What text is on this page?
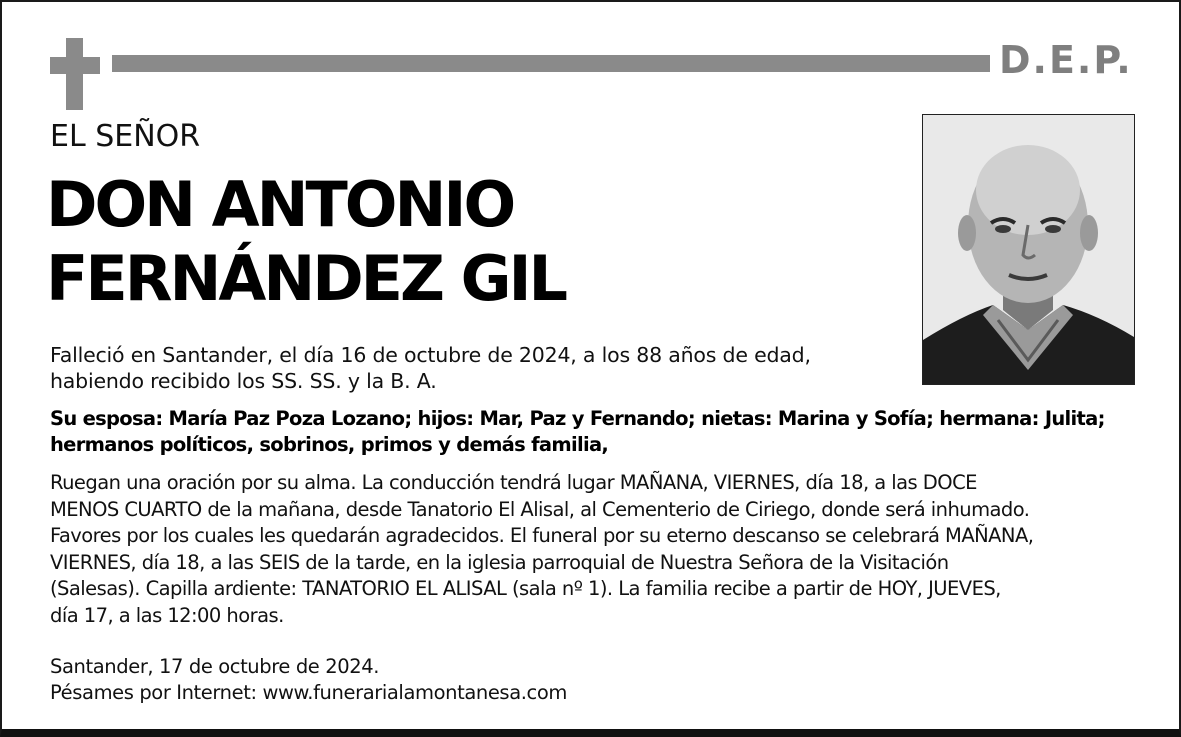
D.E.P.
EL SEÑOR
DON ANTONIO
FERNÁNDEZ GIL
Falleció en Santander, el día 16 de octubre de 2024, a los 88 años de edad,
habiendo recibido los SS. SS. y la B. A.
Su esposa: María Paz Poza Lozano; hijos: Mar, Paz y Fernando; nietas: Marina y Sofía; hermana: Julita;
hermanos políticos, sobrinos, primos y demás familia,
Ruegan una oración por su alma. La conducción tendrá lugar MAÑANA, VIERNES, día 18, a las DOCE
MENOS CUARTO de la mañana, desde Tanatorio El Alisal, al Cementerio de Ciriego, donde será inhumado.
Favores por los cuales les quedarán agradecidos. El funeral por su eterno descanso se celebrará MAÑANA,
VIERNES, día 18, a las SEIS de la tarde, en la iglesia parroquial de Nuestra Señora de la Visitación
(Salesas). Capilla ardiente: TANATORIO EL ALISAL (sala nº 1). La familia recibe a partir de HOY, JUEVES,
día 17, a las 12:00 horas.
Santander, 17 de octubre de 2024.
Pésames por Internet: www.funerarialamontanesa.com
